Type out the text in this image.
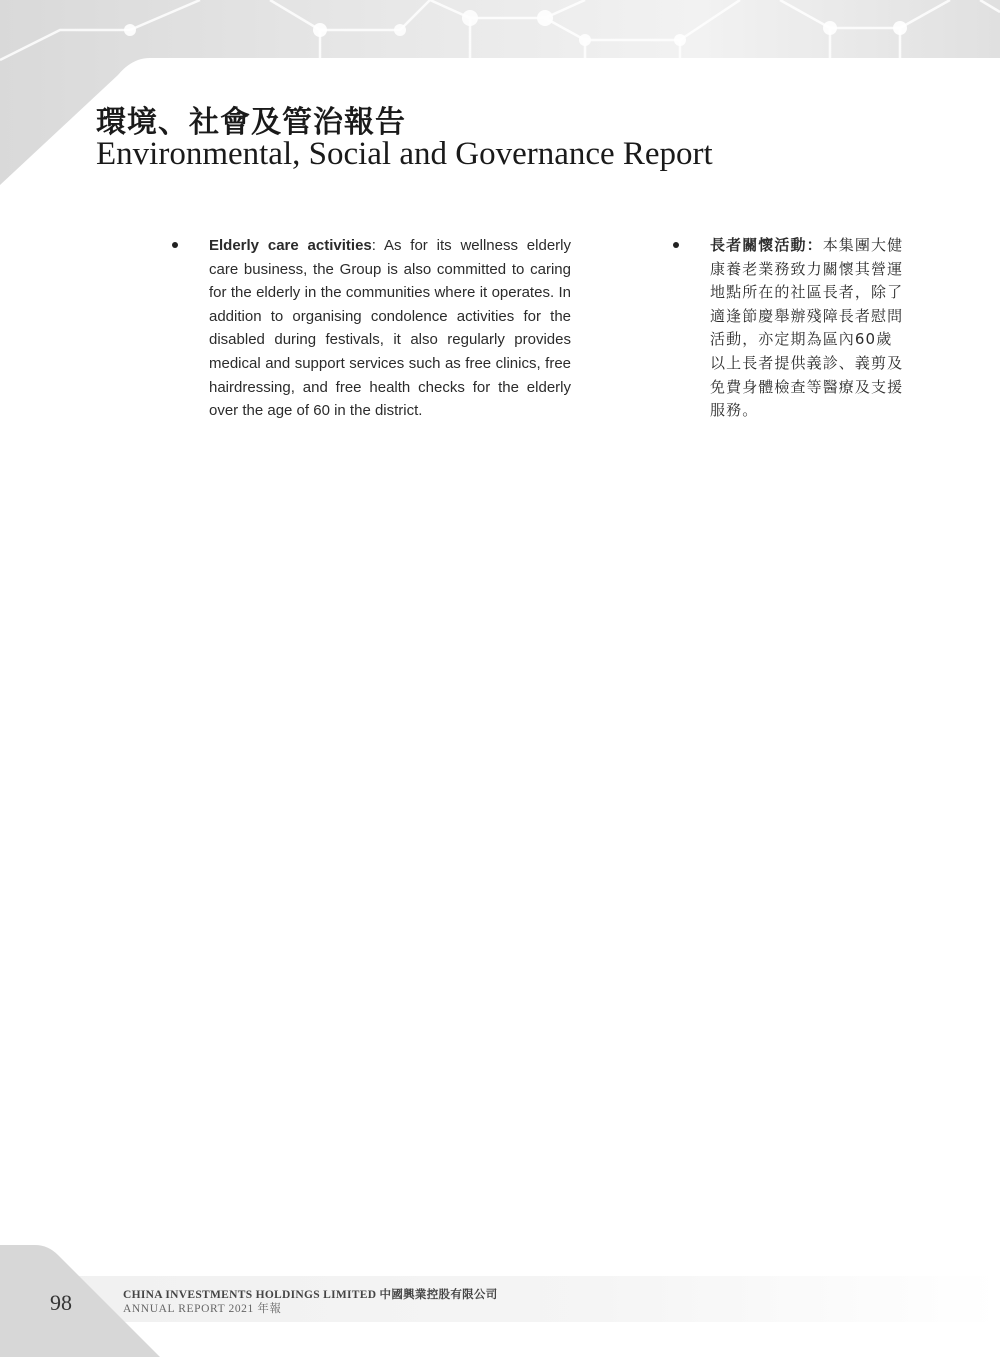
環境、社會及管治報告
Environmental, Social and Governance Report
Elderly care activities: As for its wellness elderly care business, the Group is also committed to caring for the elderly in the communities where it operates. In addition to organising condolence activities for the disabled during festivals, it also regularly provides medical and support services such as free clinics, free hairdressing, and free health checks for the elderly over the age of 60 in the district.
長者關懷活動：本集團大健康養老業務致力關懷其營運地點所在的社區長者，除了適逢節慶舉辦殘障長者慰問活動，亦定期為區內60歲以上長者提供義診、義剪及免費身體檢查等醫療及支援服務。

98	CHINA INVESTMENTS HOLDINGS LIMITED 中國興業控股有限公司

ANNUAL REPORT 2021 年報
